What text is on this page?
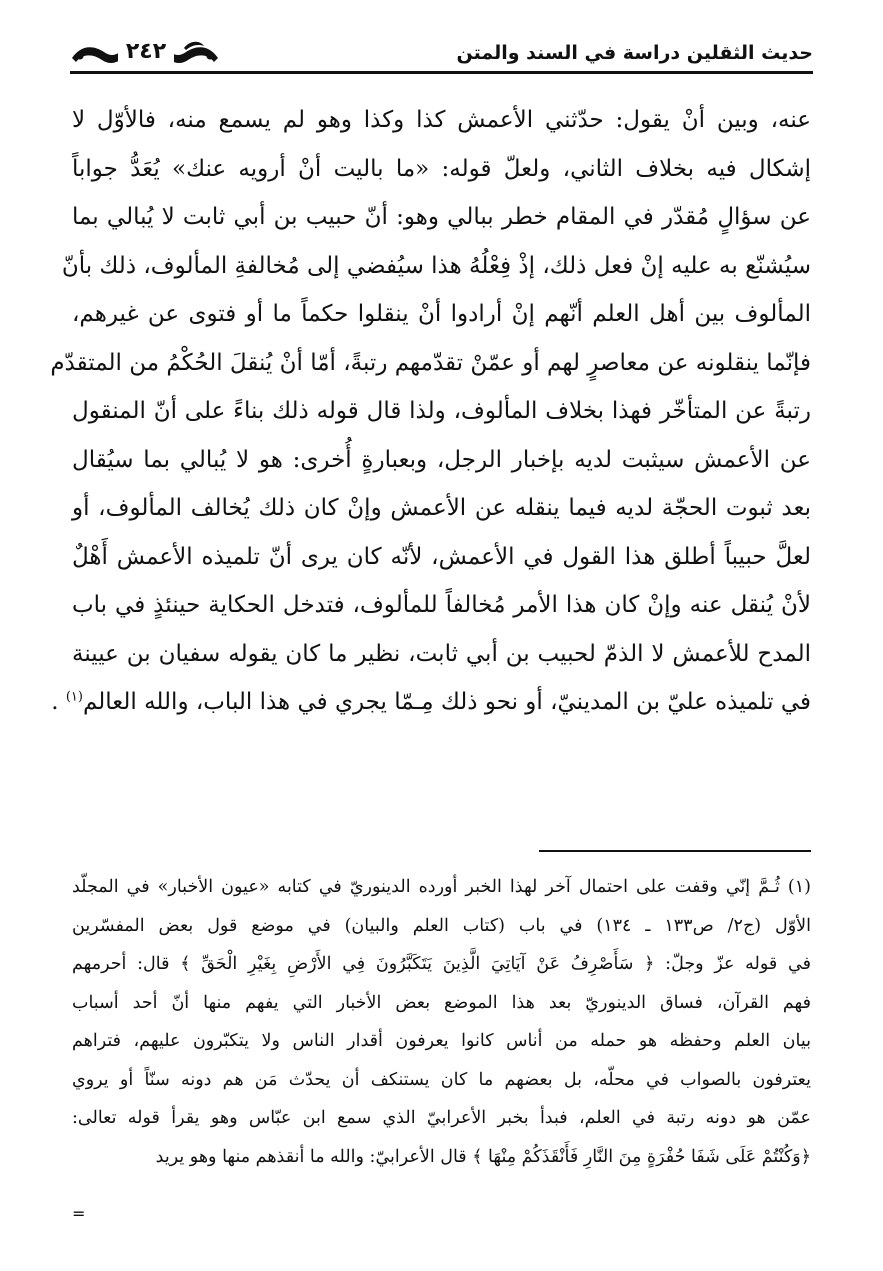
حديث الثقلين دراسة في السند والمتن
٢٤٢
عنه، وبين أنْ يقول: حدّثني الأعمش كذا وكذا وهو لم يسمع منه، فالأوّل لا
إشكال فيه بخلاف الثاني، ولعلّ قوله: «ما باليت أنْ أرويه عنك» يُعَدُّ جواباً
عن سؤالٍ مُقدّر في المقام خطر ببالي وهو: أنّ حبيب بن أبي ثابت لا يُبالي بما
سيُشنّع به عليه إنْ فعل ذلك، إذْ فِعْلُهُ هذا سيُفضي إلى مُخالفةِ المألوف، ذلك بأنّ
المألوف بين أهل العلم أنّهم إنْ أرادوا أنْ ينقلوا حكماً ما أو فتوى عن غيرهم،
فإنّما ينقلونه عن معاصرٍ لهم أو عمّنْ تقدّمهم رتبةً، أمّا أنْ يُنقلَ الحُكْمُ من المتقدّم
رتبةً عن المتأخّر فهذا بخلاف المألوف، ولذا قال قوله ذلك بناءً على أنّ المنقول
عن الأعمش سيثبت لديه بإخبار الرجل، وبعبارةٍ أُخرى: هو لا يُبالي بما سيُقال
بعد ثبوت الحجّة لديه فيما ينقله عن الأعمش وإنْ كان ذلك يُخالف المألوف، أو
لعلَّ حبيباً أطلق هذا القول في الأعمش، لأنّه كان يرى أنّ تلميذه الأعمش أَهْلٌ
لأنْ يُنقل عنه وإنْ كان هذا الأمر مُخالفاً للمألوف، فتدخل الحكاية حينئذٍ في باب
المدح للأعمش لا الذمّ لحبيب بن أبي ثابت، نظير ما كان يقوله سفيان بن عيينة
في تلميذه عليّ بن المدينيّ، أو نحو ذلك مِـمّا يجري في هذا الباب، والله العالم$^{(١)}$ .
(١) ثُـمَّ إنّي وقفت على احتمال آخر لهذا الخبر أورده الدينوريّ في كتابه «عيون الأخبار» في المجلّد
الأوّل (ج٢/ ص١٣٣ ـ ١٣٤) في باب (كتاب العلم والبيان) في موضع قول بعض المفسّرين
في قوله عزّ وجلّ: ﴿ سَأَصْرِفُ عَنْ آيَاتِيَ الَّذِينَ يَتَكَبَّرُونَ فِي الأَرْضِ بِغَيْرِ الْحَقِّ ﴾ قال: أحرمهم
فهم القرآن، فساق الدينوريّ بعد هذا الموضع بعض الأخبار التي يفهم منها أنّ أحد أسباب
بيان العلم وحفظه هو حمله من أناس كانوا يعرفون أقدار الناس ولا يتكبّرون عليهم، فتراهم
يعترفون بالصواب في محلّه، بل بعضهم ما كان يستنكف أن يحدّث مَن هم دونه سنّاً أو يروي
عمّن هو دونه رتبة في العلم، فبدأ بخبر الأعرابيّ الذي سمع ابن عبّاس وهو يقرأ قوله تعالى:
﴿وَكُنْتُمْ عَلَى شَفَا حُفْرَةٍ مِنَ النَّارِ فَأَنْقَذَكُمْ مِنْهَا ﴾ قال الأعرابيّ: والله ما أنقذهم منها وهو يريد
=
